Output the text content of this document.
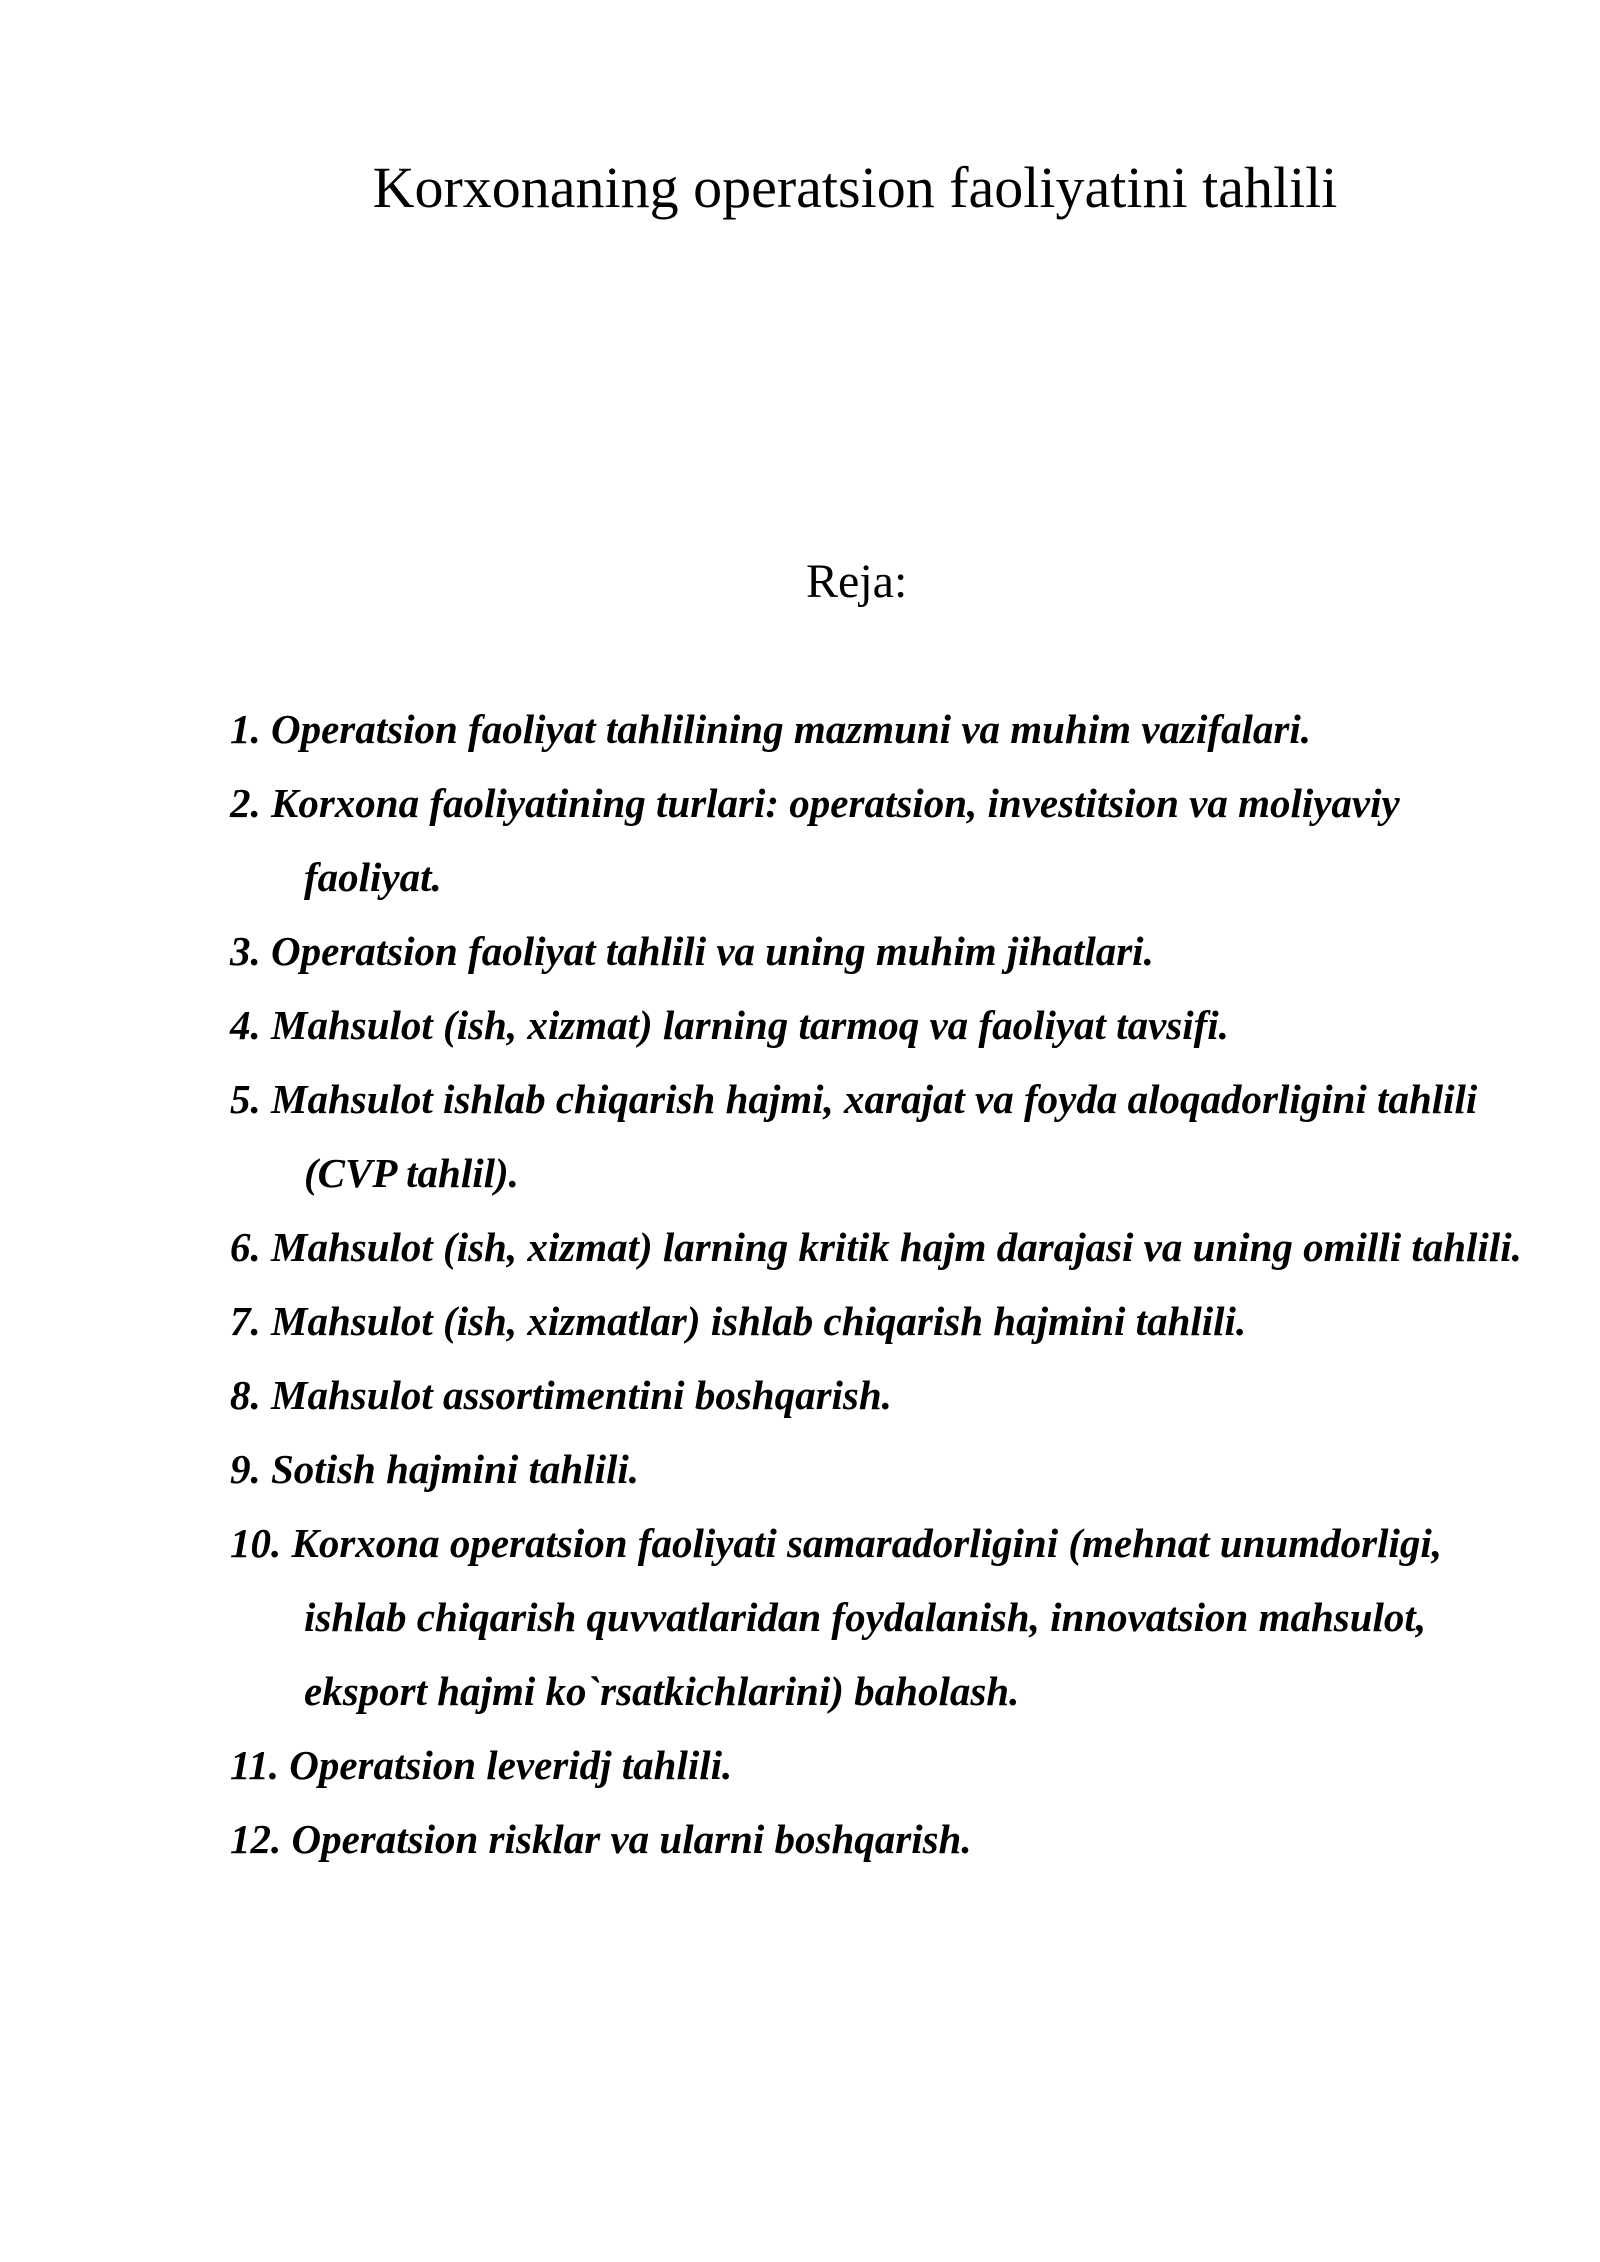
Korxonaning operatsion faoliyatini tahlili
Reja:
1. Operatsion faoliyat tahlilining mazmuni va muhim vazifalari.
2. Korxona faoliyatining turlari: operatsion, investitsion va moliyaviy faoliyat.
3. Operatsion faoliyat tahlili va uning muhim jihatlari.
4. Mahsulot (ish, xizmat) larning tarmoq va faoliyat tavsifi.
5. Mahsulot ishlab chiqarish hajmi, xarajat va foyda aloqadorligini tahlili (CVP tahlil).
6. Mahsulot (ish, xizmat) larning kritik hajm darajasi va uning omilli tahlili.
7. Mahsulot (ish, xizmatlar) ishlab chiqarish hajmini tahlili.
8. Mahsulot assortimentini boshqarish.
9. Sotish hajmini tahlili.
10. Korxona operatsion faoliyati samaradorligini (mehnat unumdorligi, ishlab chiqarish quvvatlaridan foydalanish, innovatsion mahsulot, eksport hajmi ko`rsatkichlarini) baholash.
11. Operatsion leveridj tahlili.
12. Operatsion risklar va ularni boshqarish.
